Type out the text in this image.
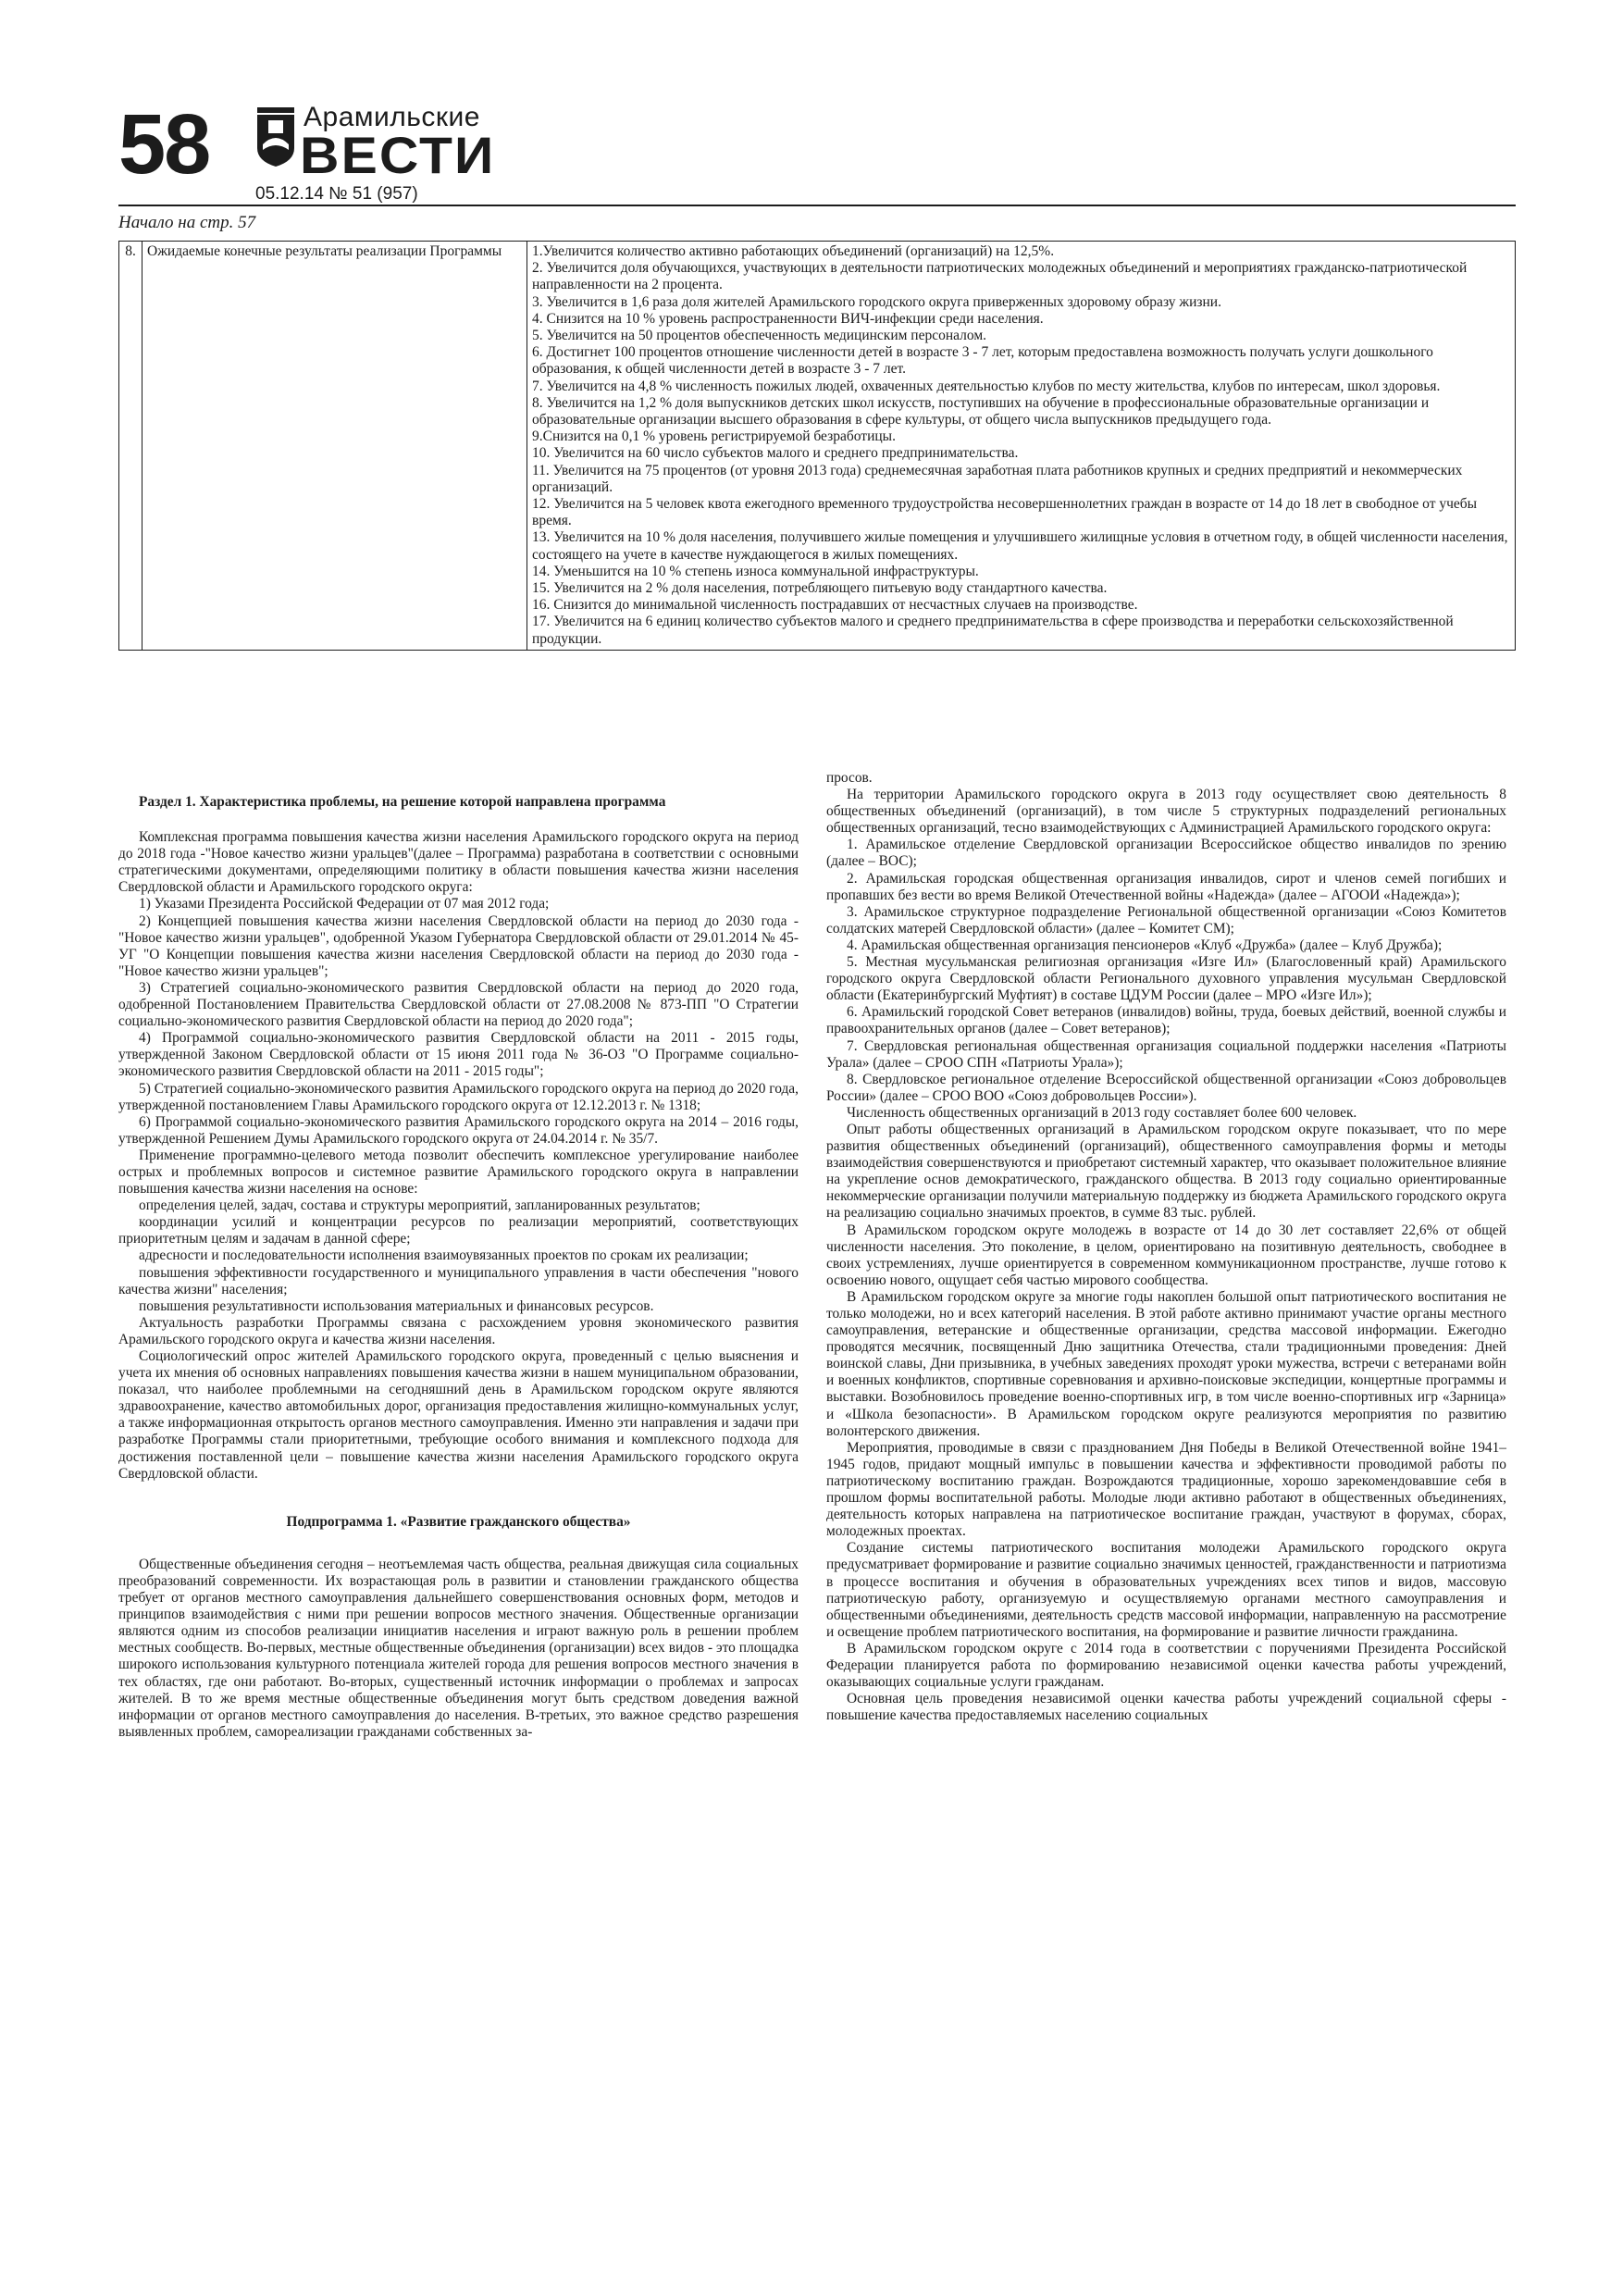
58	Арамильские
ВЕСТИ
05.12.14 № 51 (957)
Начало на стр. 57
8.	Ожидаемые конечные результаты реализации Программы	1.Увеличится количество активно работающих объединений (организаций) на 12,5%.
2. Увеличится доля обучающихся, участвующих в деятельности патриотических молодежных объединений и мероприятиях гражданско-патриотической направленности на 2 процента.
3. Увеличится в 1,6 раза доля жителей Арамильского городского округа приверженных здоровому образу жизни.
4. Снизится на 10 % уровень распространенности ВИЧ-инфекции среди населения.
5. Увеличится на 50 процентов обеспеченность медицинским персоналом.
6. Достигнет 100 процентов отношение численности детей в возрасте 3 - 7 лет, которым предоставлена возможность получать услуги дошкольного образования, к общей численности детей в возрасте 3 - 7 лет.
7. Увеличится на 4,8 % численность пожилых людей, охваченных деятельностью клубов по месту жительства, клубов по интересам, школ здоровья.
8. Увеличится на 1,2 % доля выпускников детских школ искусств, поступивших на обучение в профессиональные образовательные организации и образовательные организации высшего образования в сфере культуры, от общего числа выпускников предыдущего года.
9.Снизится на 0,1 % уровень регистрируемой безработицы.
10. Увеличится на 60 число субъектов малого и среднего предпринимательства.
11. Увеличится на 75 процентов (от уровня 2013 года) среднемесячная заработная плата работников крупных и средних предприятий и некоммерческих организаций.
12. Увеличится на 5 человек квота ежегодного временного трудоустройства несовершеннолетних граждан в возрасте от 14 до 18 лет в свободное от учебы время.
13. Увеличится на 10 % доля населения, получившего жилые помещения и улучшившего жилищные условия в отчетном году, в общей численности населения, состоящего на учете в качестве нуждающегося в жилых помещениях.
14. Уменьшится на 10 % степень износа коммунальной инфраструктуры.
15. Увеличится на 2 % доля населения, потребляющего питьевую воду стандартного качества.
16. Снизится до минимальной численность пострадавших от несчастных случаев на производстве.
17. Увеличится на 6 единиц количество субъектов малого и среднего предпринимательства в сфере производства и переработки сельскохозяйственной продукции.
Раздел 1. Характеристика проблемы, на решение которой направлена программа

Комплексная программа повышения качества жизни населения Арамильского городского округа на период до 2018 года -"Новое качество жизни уральцев"(далее – Программа) разработана в соответствии с основными стратегическими документами, определяющими политику в области повышения качества жизни населения Свердловской области и Арамильского городского округа:

1) Указами Президента Российской Федерации от 07 мая 2012 года;

2) Концепцией повышения качества жизни населения Свердловской области на период до 2030 года - "Новое качество жизни уральцев", одобренной Указом Губернатора Свердловской области от 29.01.2014 № 45-УГ "О Концепции повышения качества жизни населения Свердловской области на период до 2030 года - "Новое качество жизни уральцев";

3) Стратегией социально-экономического развития Свердловской области на период до 2020 года, одобренной Постановлением Правительства Свердловской области от 27.08.2008 № 873-ПП "О Стратегии социально-экономического развития Свердловской области на период до 2020 года";

4) Программой социально-экономического развития Свердловской области на 2011 - 2015 годы, утвержденной Законом Свердловской области от 15 июня 2011 года № 36-ОЗ "О Программе социально-экономического развития Свердловской области на 2011 - 2015 годы";

5) Стратегией социально-экономического развития Арамильского городского округа на период до 2020 года, утвержденной постановлением Главы Арамильского городского округа от 12.12.2013 г. № 1318;

6) Программой социально-экономического развития Арамильского городского округа на 2014 – 2016 годы, утвержденной Решением Думы Арамильского городского округа от 24.04.2014 г. № 35/7.

Применение программно-целевого метода позволит обеспечить комплексное урегулирование наиболее острых и проблемных вопросов и системное развитие Арамильского городского округа в направлении повышения качества жизни населения на основе:

определения целей, задач, состава и структуры мероприятий, запланированных результатов;

координации усилий и концентрации ресурсов по реализации мероприятий, соответствующих приоритетным целям и задачам в данной сфере;

адресности и последовательности исполнения взаимоувязанных проектов по срокам их реализации;

повышения эффективности государственного и муниципального управления в части обеспечения "нового качества жизни" населения;

повышения результативности использования материальных и финансовых ресурсов.

Актуальность разработки Программы связана с расхождением уровня экономического развития Арамильского городского округа и качества жизни населения.

Социологический опрос жителей Арамильского городского округа, проведенный с целью выяснения и учета их мнения об основных направлениях повышения качества жизни в нашем муниципальном образовании, показал, что наиболее проблемными на сегодняшний день в Арамильском городском округе являются здравоохранение, качество автомобильных дорог, организация предоставления жилищно-коммунальных услуг, а также информационная открытость органов местного самоуправления. Именно эти направления и задачи при разработке Программы стали приоритетными, требующие особого внимания и комплексного подхода для достижения поставленной цели – повышение качества жизни населения Арамильского городского округа Свердловской области.

Подпрограмма 1. «Развитие гражданского общества»

Общественные объединения сегодня – неотъемлемая часть общества, реальная движущая сила социальных преобразований современности. Их возрастающая роль в развитии и становлении гражданского общества требует от органов местного самоуправления дальнейшего совершенствования основных форм, методов и принципов взаимодействия с ними при решении вопросов местного значения. Общественные организации являются одним из способов реализации инициатив населения и играют важную роль в решении проблем местных сообществ. Во-первых, местные общественные объединения (организации) всех видов - это площадка широкого использования культурного потенциала жителей города для решения вопросов местного значения в тех областях, где они работают. Во-вторых, существенный источник информации о проблемах и запросах жителей. В то же время местные общественные объединения могут быть средством доведения важной информации от органов местного самоуправления до населения. В-третьих, это важное средство разрешения выявленных проблем, самореализации гражданами собственных за-

просов.

На территории Арамильского городского округа в 2013 году осуществляет свою деятельность 8 общественных объединений (организаций), в том числе 5 структурных подразделений региональных общественных организаций, тесно взаимодействующих с Администрацией Арамильского городского округа:

1. Арамильское отделение Свердловской организации Всероссийское общество инвалидов по зрению (далее – ВОС);

2. Арамильская городская общественная организация инвалидов, сирот и членов семей погибших и пропавших без вести во время Великой Отечественной войны «Надежда» (далее – АГООИ «Надежда»);

3. Арамильское структурное подразделение Региональной общественной организации «Союз Комитетов солдатских матерей Свердловской области» (далее – Комитет СМ);

4. Арамильская общественная организация пенсионеров «Клуб «Дружба» (далее – Клуб Дружба);

5. Местная мусульманская религиозная организация «Изге Ил» (Благословенный край) Арамильского городского округа Свердловской области Регионального духовного управления мусульман Свердловской области (Екатеринбургский Муфтият) в составе ЦДУМ России (далее – МРО «Изге Ил»);

6. Арамильский городской Совет ветеранов (инвалидов) войны, труда, боевых действий, военной службы и правоохранительных органов (далее – Совет ветеранов);

7. Свердловская региональная общественная организация социальной поддержки населения «Патриоты Урала» (далее – СРОО СПН «Патриоты Урала»);

8. Свердловское региональное отделение Всероссийской общественной организации «Союз добровольцев России» (далее – СРОО ВОО «Союз добровольцев России»).

Численность общественных организаций в 2013 году составляет более 600 человек.

Опыт работы общественных организаций в Арамильском городском округе показывает, что по мере развития общественных объединений (организаций), общественного самоуправления формы и методы взаимодействия совершенствуются и приобретают системный характер, что оказывает положительное влияние на укрепление основ демократического, гражданского общества. В 2013 году социально ориентированные некоммерческие организации получили материальную поддержку из бюджета Арамильского городского округа на реализацию социально значимых проектов, в сумме 83 тыс. рублей.

В Арамильском городском округе молодежь в возрасте от 14 до 30 лет составляет 22,6% от общей численности населения. Это поколение, в целом, ориентировано на позитивную деятельность, свободнее в своих устремлениях, лучше ориентируется в современном коммуникационном пространстве, лучше готово к освоению нового, ощущает себя частью мирового сообщества.

В Арамильском городском округе за многие годы накоплен большой опыт патриотического воспитания не только молодежи, но и всех категорий населения. В этой работе активно принимают участие органы местного самоуправления, ветеранские и общественные организации, средства массовой информации. Ежегодно проводятся месячник, посвященный Дню защитника Отечества, стали традиционными проведения: Дней воинской славы, Дни призывника, в учебных заведениях проходят уроки мужества, встречи с ветеранами войн и военных конфликтов, спортивные соревнования и архивно-поисковые экспедиции, концертные программы и выставки. Возобновилось проведение военно-спортивных игр, в том числе военно-спортивных игр «Зарница» и «Школа безопасности». В Арамильском городском округе реализуются мероприятия по развитию волонтерского движения.

Мероприятия, проводимые в связи с празднованием Дня Победы в Великой Отечественной войне 1941–1945 годов, придают мощный импульс в повышении качества и эффективности проводимой работы по патриотическому воспитанию граждан. Возрождаются традиционные, хорошо зарекомендовавшие себя в прошлом формы воспитательной работы. Молодые люди активно работают в общественных объединениях, деятельность которых направлена на патриотическое воспитание граждан, участвуют в форумах, сборах, молодежных проектах.

Создание системы патриотического воспитания молодежи Арамильского городского округа предусматривает формирование и развитие социально значимых ценностей, гражданственности и патриотизма в процессе воспитания и обучения в образовательных учреждениях всех типов и видов, массовую патриотическую работу, организуемую и осуществляемую органами местного самоуправления и общественными объединениями, деятельность средств массовой информации, направленную на рассмотрение и освещение проблем патриотического воспитания, на формирование и развитие личности гражданина.

В Арамильском городском округе с 2014 года в соответствии с поручениями Президента Российской Федерации планируется работа по формированию независимой оценки качества работы учреждений, оказывающих социальные услуги гражданам.

Основная цель проведения независимой оценки качества работы учреждений социальной сферы - повышение качества предоставляемых населению социальных
